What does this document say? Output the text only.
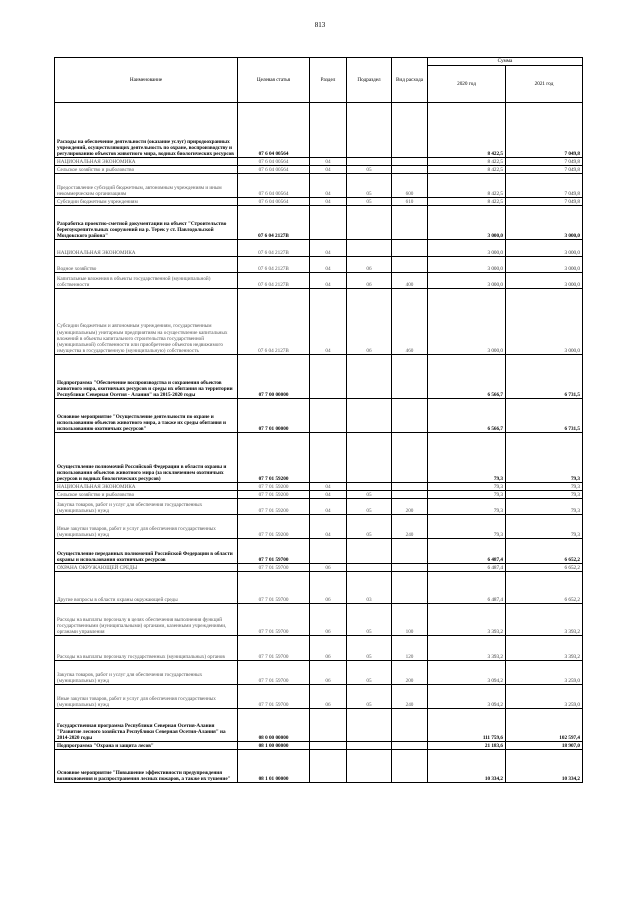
813
Наименование	Целевая статья	Раздел	Подраздел	Вид расхода	Сумма	
					2020 год	2021 год
Расходы на обеспечение деятельности (оказание услуг) природоохранных учреждений, осуществляющих деятельность по охране, воспроизводству и регулированию объектов животного мира, водных биологических ресурсов	07 6 04 00564				8 422,5	7 049,8
НАЦИОНАЛЬНАЯ ЭКОНОМИКА	07 6 04 00564	04			8 422,5	7 049,8
Сельское хозяйство и рыболовство	07 6 04 00564	04	05		8 422,5	7 049,8
Предоставление субсидий бюджетным, автономным учреждениям и иным некоммерческим организациям	07 6 04 00564	04	05	600	8 422,5	7 049,8
Субсидии бюджетным учреждениям	07 6 04 00564	04	05	610	8 422,5	7 049,8
Разработка проектно-сметной документации на объект "Строительство берегоукрепительных сооружений на р. Терек у ст. Павлодольской Моздокского района"	07 6 04 2127В				3 000,0	3 000,0
НАЦИОНАЛЬНАЯ ЭКОНОМИКА	07 6 04 2127В	04			3 000,0	3 000,0
Водное хозяйство	07 6 04 2127В	04	06		3 000,0	3 000,0
Капитальные вложения в объекты государственной (муниципальной) собственности	07 6 04 2127В	04	06	400	3 000,0	3 000,0
Субсидии бюджетным и автономным учреждениям, государственным (муниципальным) унитарным предприятиям на осуществление капитальных вложений в объекты капитального строительства государственной (муниципальной) собственности или приобретение объектов недвижимого имущества в государственную (муниципальную) собственность	07 6 04 2127В	04	06	460	3 000,0	3 000,0
Подпрограмма "Обеспечение воспроизводства и сохранения объектов животного мира, охотничьих ресурсов и среды их обитания на территории Республики Северная Осетия - Алания" на 2015-2020 годы	07 7 00 00000				6 566,7	6 731,5
Основное мероприятие "Осуществление деятельности по охране и использованию объектов животного мира, а также их среды обитания и использованию охотничьих ресурсов"	07 7 01 00000				6 566,7	6 731,5
Осуществление полномочий Российской Федерации в области охраны и использования объектов животного мира (за исключением охотничьих ресурсов и водных биологических ресурсов)	07 7 01 59200				79,3	79,3
НАЦИОНАЛЬНАЯ ЭКОНОМИКА	07 7 01 59200	04			79,3	79,3
Сельское хозяйство и рыболовство	07 7 01 59200	04	05		79,3	79,3
Закупка товаров, работ и услуг для обеспечения государственных (муниципальных) нужд	07 7 01 59200	04	05	200	79,3	79,3
Иные закупки товаров, работ и услуг для обеспечения государственных (муниципальных) нужд	07 7 01 59200	04	05	240	79,3	79,3
Осуществление переданных полномочий Российской Федерации в области охраны и использования охотничьих ресурсов	07 7 01 59700				6 487,4	6 652,2
ОХРАНА ОКРУЖАЮЩЕЙ СРЕДЫ	07 7 01 59700	06			6 487,4	6 652,2
Другие вопросы в области охраны окружающей среды	07 7 01 59700	06	03		6 487,4	6 652,2
Расходы на выплаты персоналу в целях обеспечения выполнения функций государственными (муниципальными) органами, казенными учреждениями, органами управления	07 7 01 59700	06	05	100	3 393,2	3 393,2
Расходы на выплаты персоналу государственных (муниципальных) органов	07 7 01 59700	06	05	120	3 393,2	3 393,2
Закупка товаров, работ и услуг для обеспечения государственных (муниципальных) нужд	07 7 01 59700	06	05	200	3 094,2	3 259,0
Иные закупки товаров, работ и услуг для обеспечения государственных (муниципальных) нужд	07 7 01 59700	06	05	240	3 094,2	3 259,0
Государственная программа Республики Северная Осетия-Алания "Развитие лесного хозяйства Республики Северная Осетия-Алания" на 2014-2020 годы	08 0 00 00000				111 759,6	102 597,4
Подпрограмма "Охрана и защита лесов"	08 1 00 00000				21 183,6	18 907,0
Основное мероприятие "Повышение эффективности предупреждения возникновения и распространения лесных пожаров, а также их тушение"	08 1 01 00000				10 334,2	10 334,2
